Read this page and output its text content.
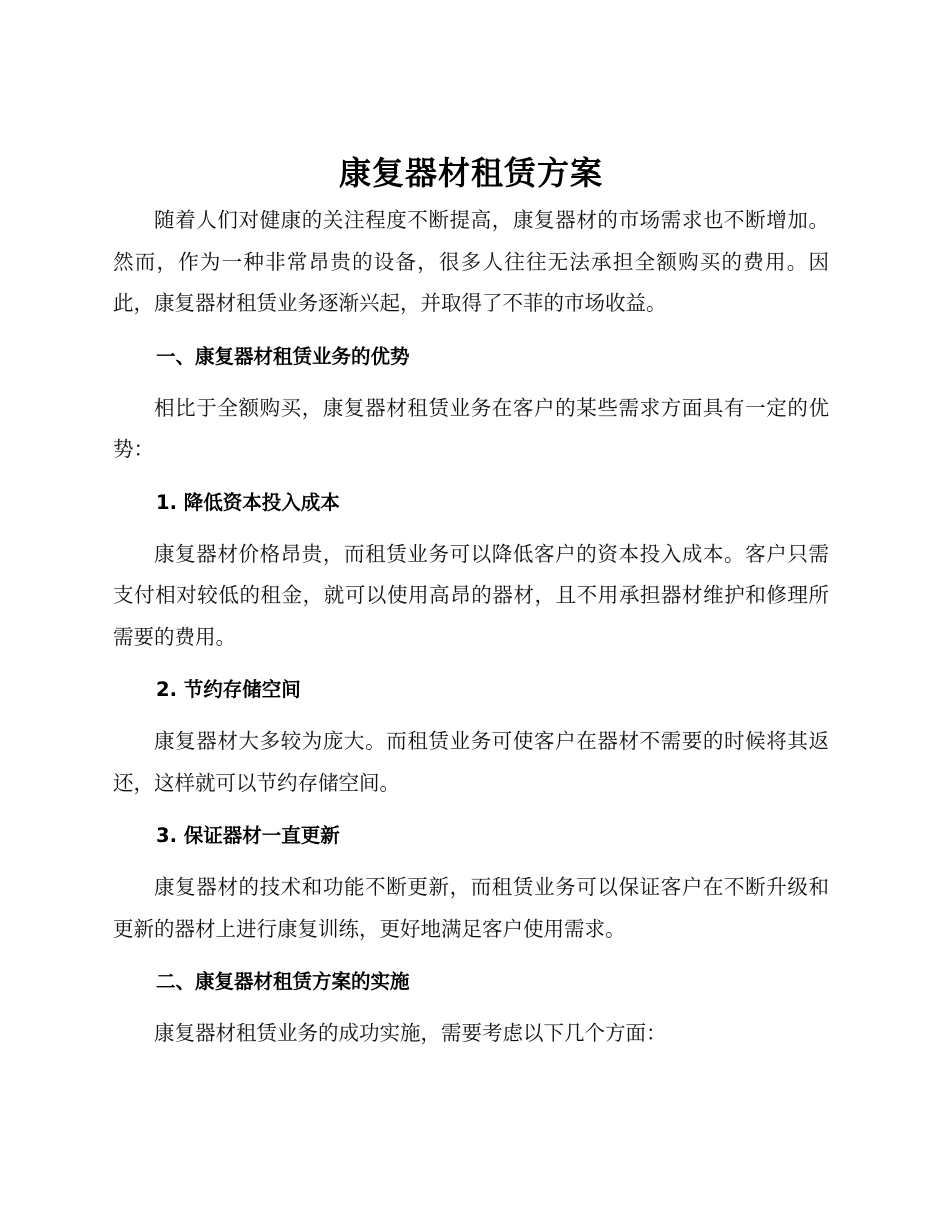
康复器材租赁方案

随着人们对健康的关注程度不断提高，康复器材的市场需求也不断增加。然而，作为一种非常昂贵的设备，很多人往往无法承担全额购买的费用。因此，康复器材租赁业务逐渐兴起，并取得了不菲的市场收益。

一、康复器材租赁业务的优势

相比于全额购买，康复器材租赁业务在客户的某些需求方面具有一定的优势：

1. 降低资本投入成本

康复器材价格昂贵，而租赁业务可以降低客户的资本投入成本。客户只需支付相对较低的租金，就可以使用高昂的器材，且不用承担器材维护和修理所需要的费用。

2. 节约存储空间

康复器材大多较为庞大。而租赁业务可使客户在器材不需要的时候将其返还，这样就可以节约存储空间。

3. 保证器材一直更新

康复器材的技术和功能不断更新，而租赁业务可以保证客户在不断升级和更新的器材上进行康复训练，更好地满足客户使用需求。

二、康复器材租赁方案的实施

康复器材租赁业务的成功实施，需要考虑以下几个方面：
